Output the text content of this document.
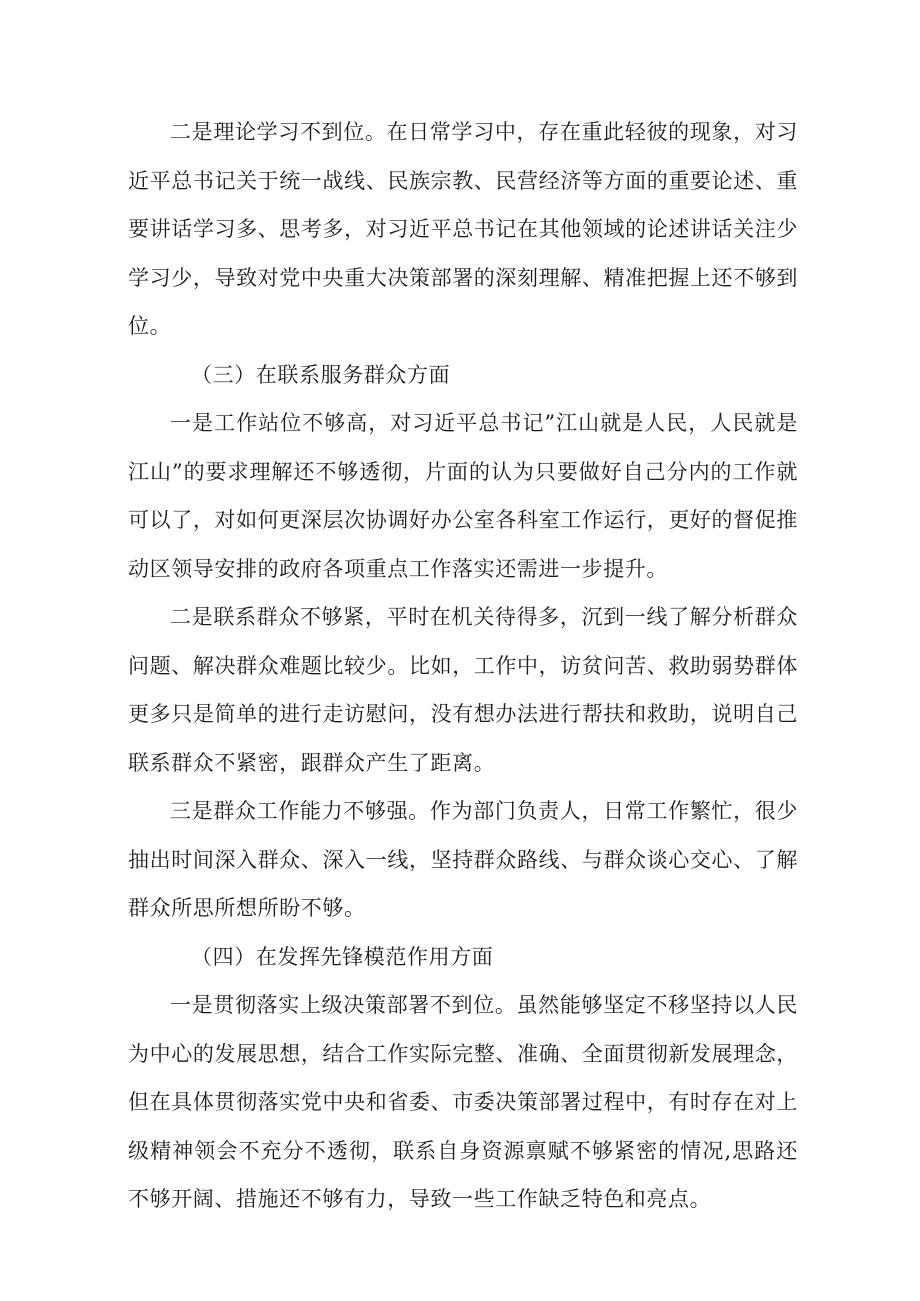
二是理论学习不到位。在日常学习中，存在重此轻彼的现象，对习近平总书记关于统一战线、民族宗教、民营经济等方面的重要论述、重要讲话学习多、思考多，对习近平总书记在其他领域的论述讲话关注少学习少，导致对党中央重大决策部署的深刻理解、精准把握上还不够到位。

（三）在联系服务群众方面

一是工作站位不够高，对习近平总书记”江山就是人民，人民就是江山”的要求理解还不够透彻，片面的认为只要做好自己分内的工作就可以了，对如何更深层次协调好办公室各科室工作运行，更好的督促推动区领导安排的政府各项重点工作落实还需进一步提升。

二是联系群众不够紧，平时在机关待得多，沉到一线了解分析群众问题、解决群众难题比较少。比如，工作中，访贫问苦、救助弱势群体更多只是简单的进行走访慰问，没有想办法进行帮扶和救助，说明自己联系群众不紧密，跟群众产生了距离。

三是群众工作能力不够强。作为部门负责人，日常工作繁忙，很少抽出时间深入群众、深入一线，坚持群众路线、与群众谈心交心、了解群众所思所想所盼不够。

（四）在发挥先锋模范作用方面

一是贯彻落实上级决策部署不到位。虽然能够坚定不移坚持以人民为中心的发展思想，结合工作实际完整、准确、全面贯彻新发展理念，但在具体贯彻落实党中央和省委、市委决策部署过程中，有时存在对上级精神领会不充分不透彻，联系自身资源禀赋不够紧密的情况,思路还不够开阔、措施还不够有力，导致一些工作缺乏特色和亮点。
